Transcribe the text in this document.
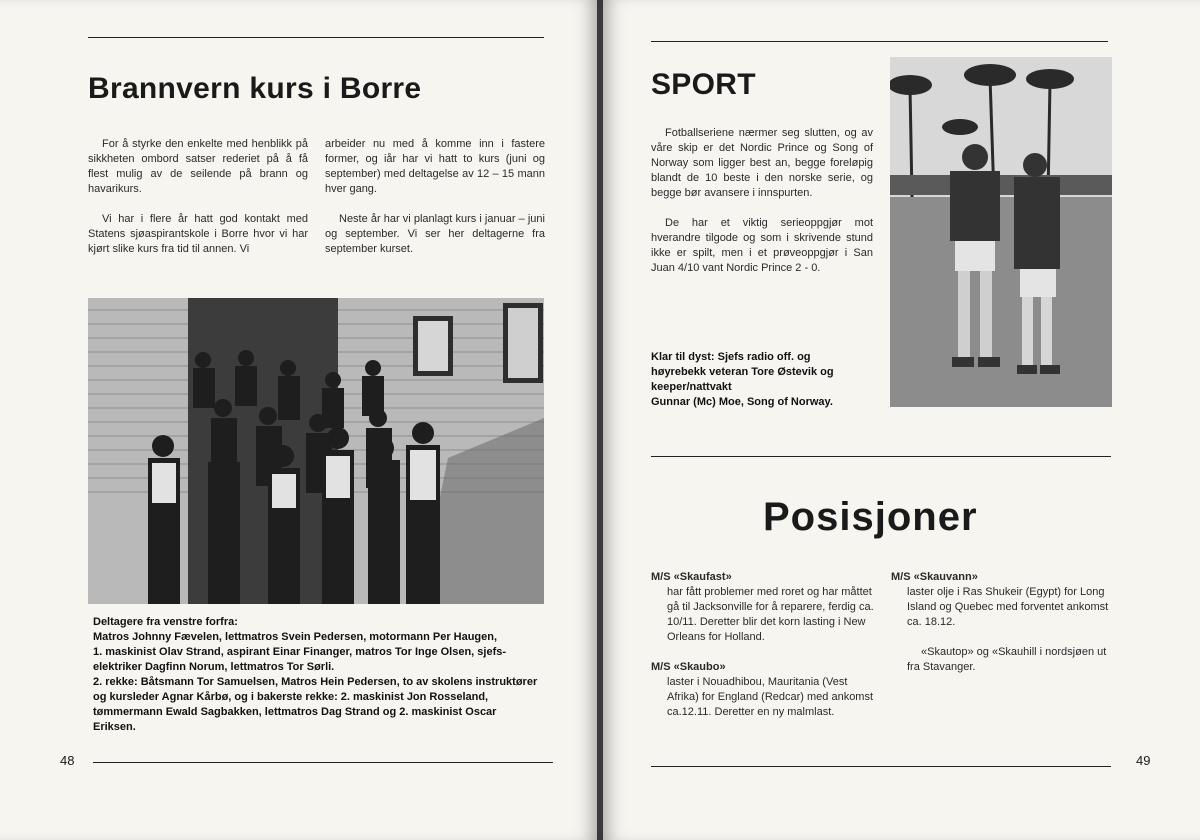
Brannvern kurs i Borre

For å styrke den enkelte med henblikk på sikkheten ombord satser rederiet på å få flest mulig av de seilende på brann og havarikurs.

Vi har i flere år hatt god kontakt med Statens sjøaspirantskole i Borre hvor vi har kjørt slike kurs fra tid til annen. Vi

arbeider nu med å komme inn i fastere former, og iår har vi hatt to kurs (juni og september) med deltagelse av 12 – 15 mann hver gang.

Neste år har vi planlagt kurs i januar – juni og september. Vi ser her deltagerne fra september kurset.

Deltagere fra venstre forfra:
Matros Johnny Fævelen, lettmatros Svein Pedersen, motormann Per Haugen,
1. maskinist Olav Strand, aspirant Einar Finanger, matros Tor Inge Olsen, sjefs-
elektriker Dagfinn Norum, lettmatros Tor Sørli.
2. rekke: Båtsmann Tor Samuelsen, Matros Hein Pedersen, to av skolens instruktører
og kursleder Agnar Kårbø, og i bakerste rekke: 2. maskinist Jon Rosseland,
tømmermann Ewald Sagbakken, lettmatros Dag Strand og 2. maskinist Oscar
Eriksen.
48
SPORT

Fotballseriene nærmer seg slutten, og av våre skip er det Nordic Prince og Song of Norway som ligger best an, begge foreløpig blandt de 10 beste i den norske serie, og begge bør avansere i innspurten.

De har et viktig serieoppgjør mot hverandre tilgode og som i skrivende stund ikke er spilt, men i et prøveoppgjør i San Juan 4/10 vant Nordic Prince 2 - 0.

Klar til dyst: Sjefs radio off. og
høyrebekk veteran Tore Østevik og
keeper/nattvakt
Gunnar (Mc) Moe, Song of Norway.
Posisjoner
M/S «Skaufast»

har fått problemer med roret og har måttet gå til Jacksonville for å reparere, ferdig ca. 10/11. Deretter blir det korn lasting i New Orleans for Holland.

M/S «Skaubo»

laster i Nouadhibou, Mauritania (Vest Afrika) for England (Redcar) med ankomst ca.12.11. Deretter en ny malmlast.

M/S «Skauvann»

laster olje i Ras Shukeir (Egypt) for Long Island og Quebec med forventet ankomst ca. 18.12.

«Skautop» og «Skauhill i nordsjøen ut fra Stavanger.

49
